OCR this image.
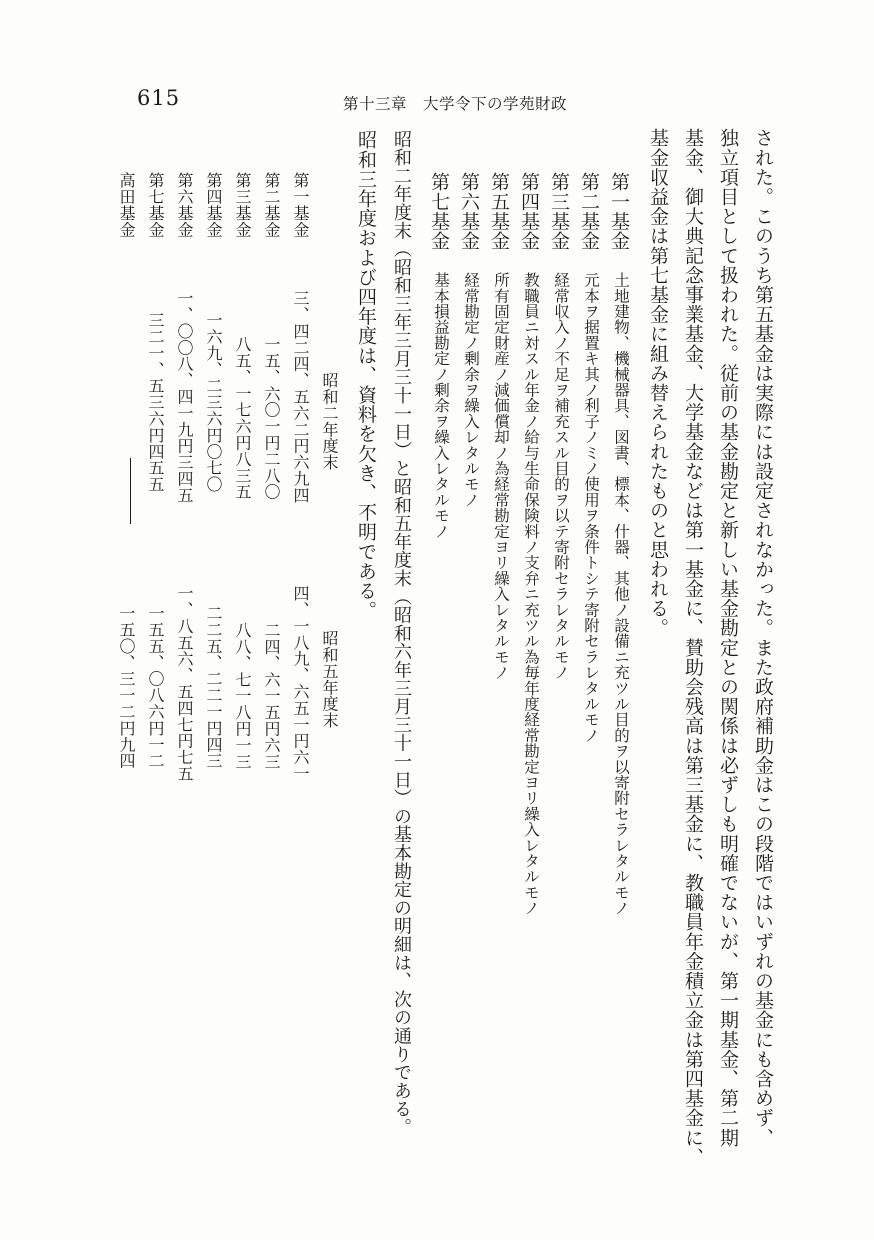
615	第十三章　大学令下の学苑財政
された。このうち第五基金は実際には設定されなかった。また政府補助金はこの段階ではいずれの基金にも含めず、
独立項目として扱われた。従前の基金勘定と新しい基金勘定との関係は必ずしも明確でないが、第一期基金、第二期
基金、御大典記念事業基金、大学基金などは第一基金に、賛助会残高は第三基金に、教職員年金積立金は第四基金に、
基金収益金は第七基金に組み替えられたものと思われる。
第一基金
土地建物、機械器具、図書、標本、什器、其他ノ設備ニ充ツル目的ヲ以寄附セラレタルモノ
第二基金
元本ヲ据置キ其ノ利子ノミノ使用ヲ条件トシテ寄附セラレタルモノ
第三基金
経常収入ノ不足ヲ補充スル目的ヲ以テ寄附セラレタルモノ
第四基金
教職員ニ対スル年金ノ給与生命保険料ノ支弁ニ充ツル為毎年度経常勘定ヨリ繰入レタルモノ
第五基金
所有固定財産ノ減価償却ノ為経常勘定ヨリ繰入レタルモノ
第六基金
経常勘定ノ剰余ヲ繰入レタルモノ
第七基金
基本損益勘定ノ剰余ヲ繰入レタルモノ
昭和二年度末（昭和三年三月三十一日）と昭和五年度末（昭和六年三月三十一日）の基本勘定の明細は、次の通りである。
昭和三年度および四年度は、資料を欠き、不明である。
昭和二年度末
昭和五年度末
第一基金
第二基金
第三基金
第四基金
第六基金
第七基金
高田基金
三、四二四、五六二円六九四
一五、六〇一円二八〇
八五、一七六円八三五
一六九、二三六円〇七〇
一、〇〇八、四一九円三四五
三二一、五三六円四五五
四、一八九、六五一円六一
二四、六一五円六三
八八、七一八円一三
二二五、二二一円四三
一、八五六、五四七円七五
一五五、〇八六円一二
一五〇、三一二円九四
